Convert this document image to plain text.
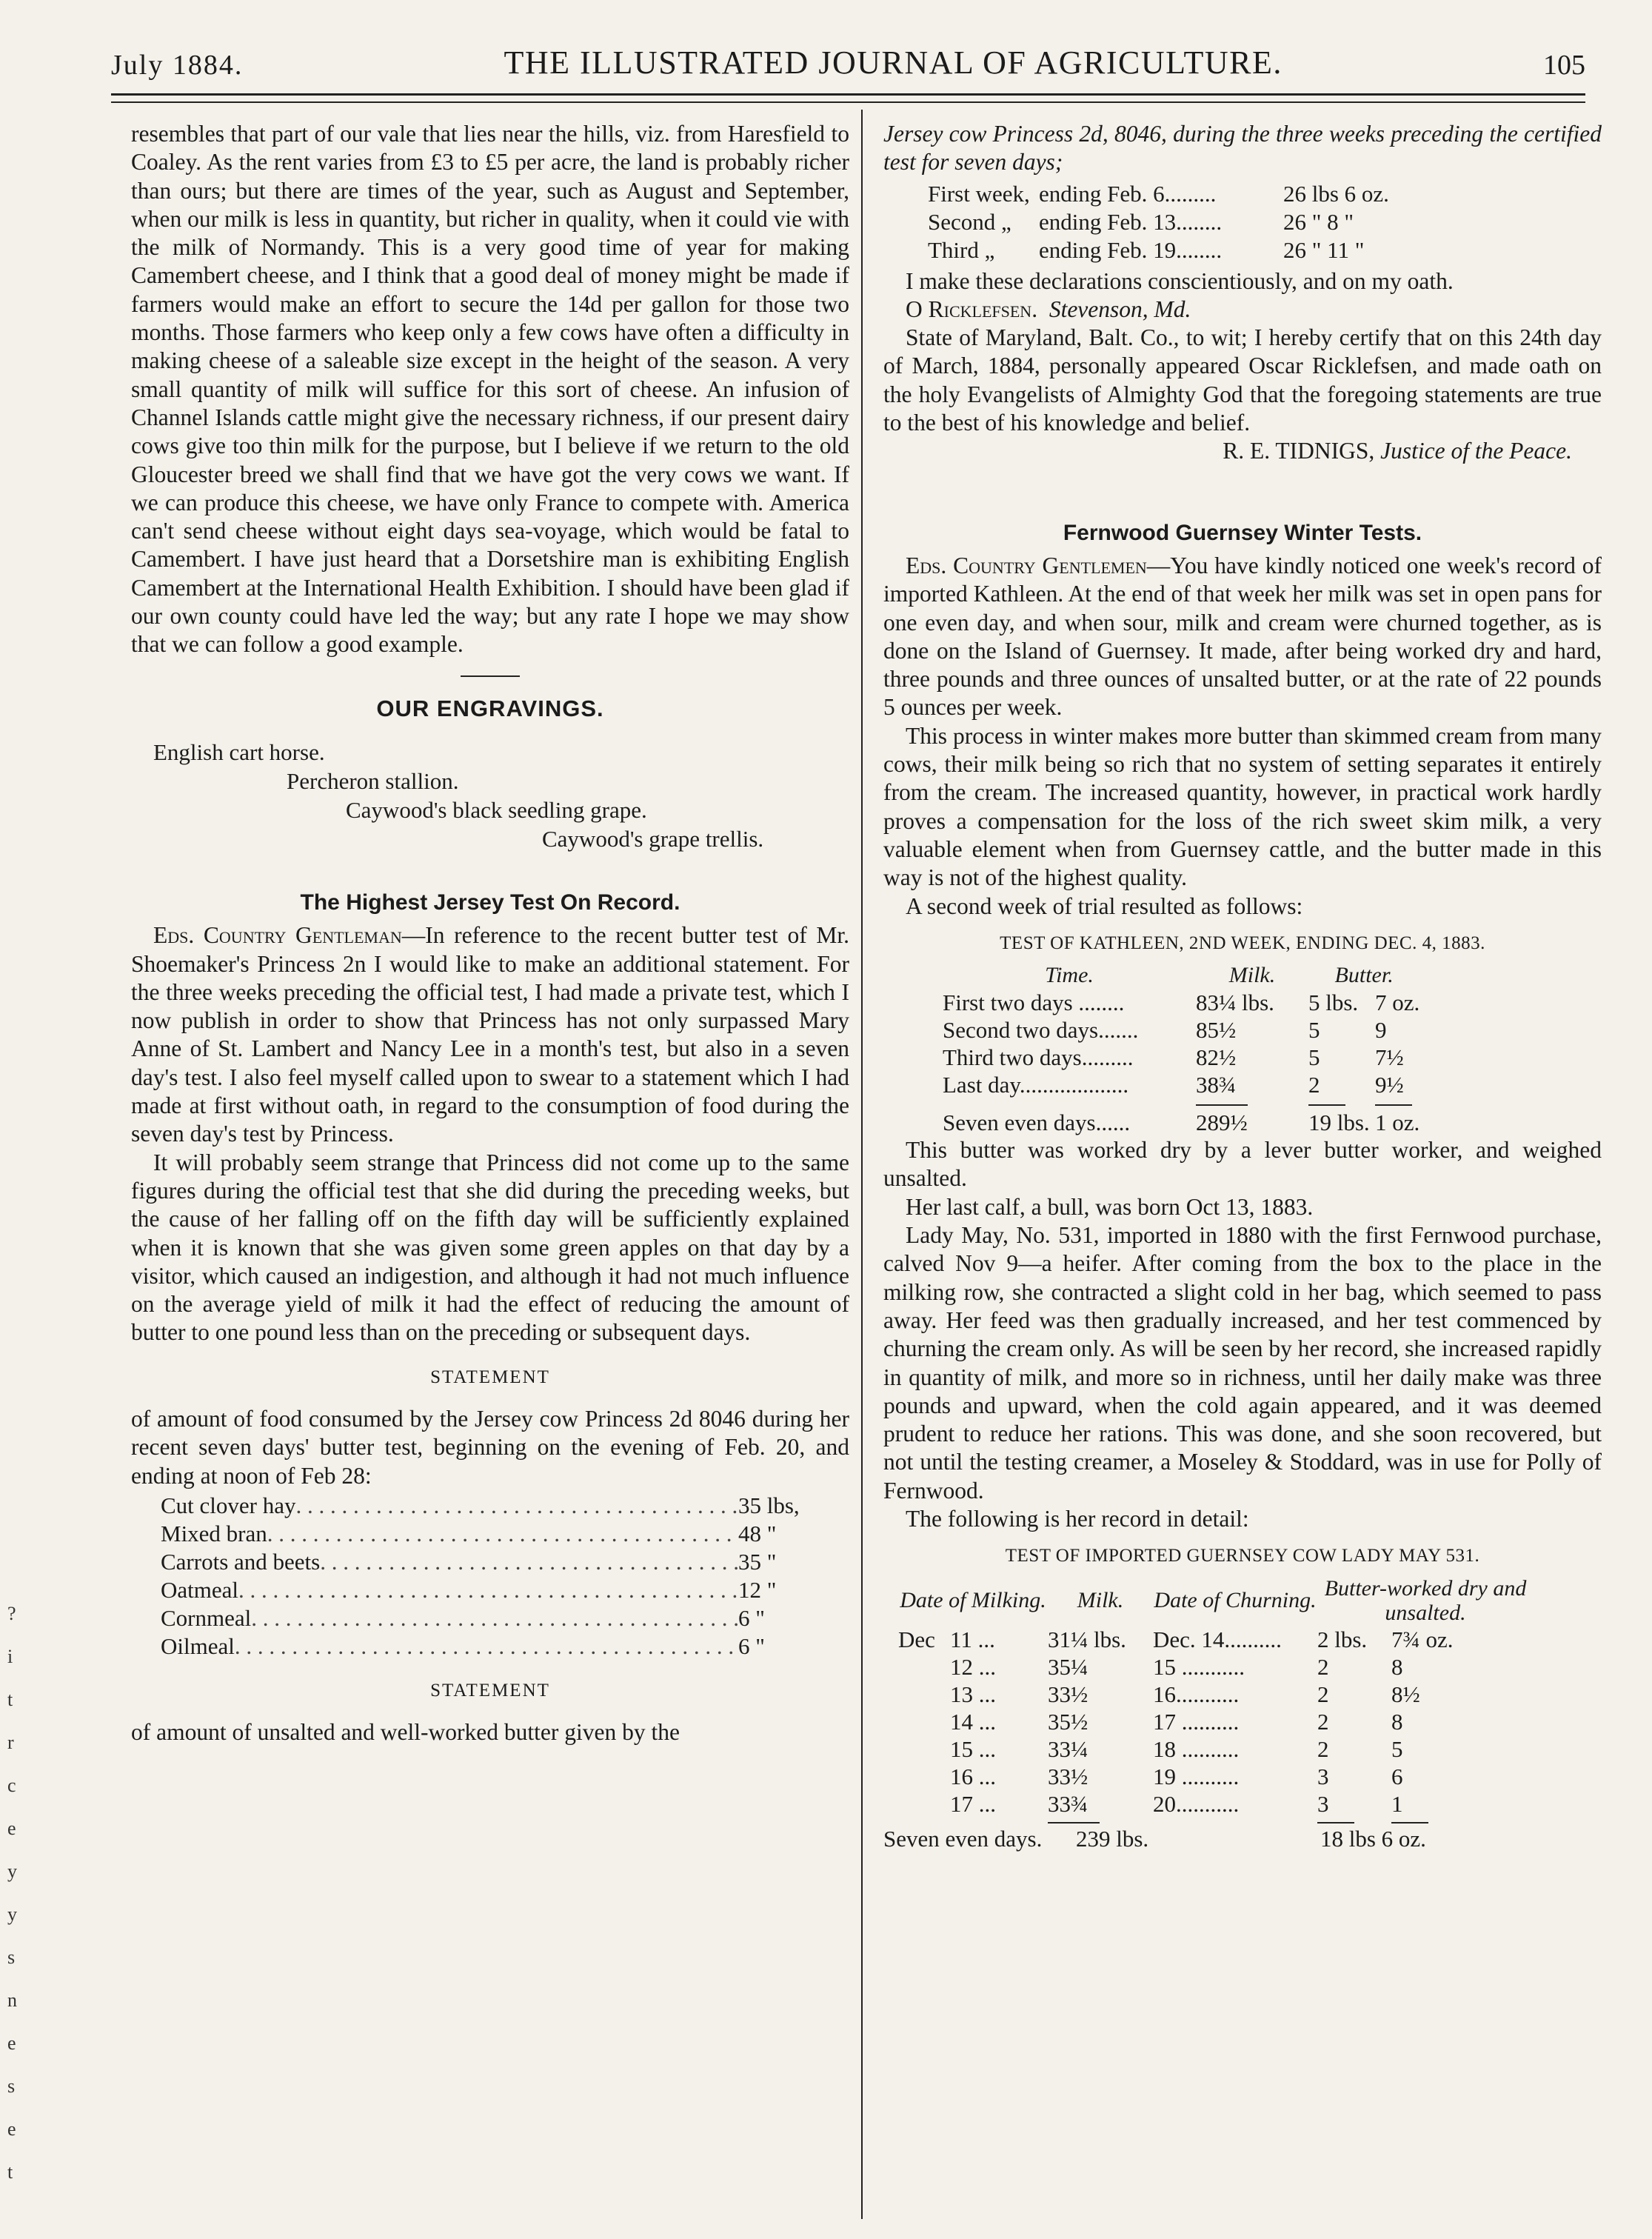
July 1884.	THE ILLUSTRATED JOURNAL OF AGRICULTURE.	105

resembles that part of our vale that lies near the hills, viz. from Haresfield to Coaley. As the rent varies from £3 to £5 per acre, the land is probably richer than ours; but there are times of the year, such as August and September, when our milk is less in quantity, but richer in quality, when it could vie with the milk of Normandy. This is a very good time of year for making Camembert cheese, and I think that a good deal of money might be made if farmers would make an effort to secure the 14d per gallon for those two months. Those farmers who keep only a few cows have often a difficulty in making cheese of a saleable size except in the height of the season. A very small quantity of milk will suffice for this sort of cheese. An infusion of Channel Islands cattle might give the necessary richness, if our present dairy cows give too thin milk for the purpose, but I believe if we return to the old Gloucester breed we shall find that we have got the very cows we want. If we can produce this cheese, we have only France to compete with. America can't send cheese without eight days sea-voyage, which would be fatal to Camembert. I have just heard that a Dorsetshire man is exhibiting English Camembert at the International Health Exhibition. I should have been glad if our own county could have led the way; but any rate I hope we may show that we can follow a good example.

OUR ENGRAVINGS.
English cart horse.
Percheron stallion.
Caywood's black seedling grape.
Caywood's grape trellis.
The Highest Jersey Test On Record.

Eds. Country Gentleman—In reference to the recent butter test of Mr. Shoemaker's Princess 2n I would like to make an additional statement. For the three weeks preceding the official test, I had made a private test, which I now publish in order to show that Princess has not only surpassed Mary Anne of St. Lambert and Nancy Lee in a month's test, but also in a seven day's test. I also feel myself called upon to swear to a statement which I had made at first without oath, in regard to the consumption of food during the seven day's test by Princess.

It will probably seem strange that Princess did not come up to the same figures during the official test that she did during the preceding weeks, but the cause of her falling off on the fifth day will be sufficiently explained when it is known that she was given some green apples on that day by a visitor, which caused an indigestion, and although it had not much influence on the average yield of milk it had the effect of reducing the amount of butter to one pound less than on the preceding or subsequent days.

STATEMENT

of amount of food consumed by the Jersey cow Princess 2d 8046 during her recent seven days' butter test, beginning on the evening of Feb. 20, and ending at noon of Feb 28:

Cut clover hay . . .	35 lbs,
Mixed bran . . .	48 "
Carrots and beets . . .	35 "
Oatmeal . . .	12 "
Cornmeal . . .	6 "
Oilmeal . . .	6 "
STATEMENT

of amount of unsalted and well-worked butter given by the

Jersey cow Princess 2d, 8046, during the three weeks preceding the certified test for seven days;

First week, ending Feb. 6.........	26 lbs 6 oz.
Second „	ending Feb. 13........	26 " 8 "
Third „	ending Feb. 19........	26 " 11 "

I make these declarations conscientiously, and on my oath.

O Ricklefsen. Stevenson, Md.

State of Maryland, Balt. Co., to wit; I hereby certify that on this 24th day of March, 1884, personally appeared Oscar Ricklefsen, and made oath on the holy Evangelists of Almighty God that the foregoing statements are true to the best of his knowledge and belief.

R. E. TIDNIGS, Justice of the Peace.

Fernwood Guernsey Winter Tests.

Eds. Country Gentlemen—You have kindly noticed one week's record of imported Kathleen. At the end of that week her milk was set in open pans for one even day, and when sour, milk and cream were churned together, as is done on the Island of Guernsey. It made, after being worked dry and hard, three pounds and three ounces of unsalted butter, or at the rate of 22 pounds 5 ounces per week.

This process in winter makes more butter than skimmed cream from many cows, their milk being so rich that no system of setting separates it entirely from the cream. The increased quantity, however, in practical work hardly proves a compensation for the loss of the rich sweet skim milk, a very valuable element when from Guernsey cattle, and the butter made in this way is not of the highest quality.

A second week of trial resulted as follows:

TEST OF KATHLEEN, 2ND WEEK, ENDING DEC. 4, 1883.
Time.	Milk.	Butter.	
First two days ........	83¼ lbs.	5 lbs.	7 oz.
Second two days.......	85½	5	9
Third two days.........	82½	5	7½
Last day...................	38¾	2	9½

Seven even days......	289½	19 lbs.	1 oz.

This butter was worked dry by a lever butter worker, and weighed unsalted.

Her last calf, a bull, was born Oct 13, 1883.

Lady May, No. 531, imported in 1880 with the first Fernwood purchase, calved Nov 9—a heifer. After coming from the box to the place in the milking row, she contracted a slight cold in her bag, which seemed to pass away. Her feed was then gradually increased, and her test commenced by churning the cream only. As will be seen by her record, she increased rapidly in quantity of milk, and more so in richness, until her daily make was three pounds and upward, when the cold again appeared, and it was deemed prudent to reduce her rations. This was done, and she soon recovered, but not until the testing creamer, a Moseley & Stoddard, was in use for Polly of Fernwood.

The following is her record in detail:

TEST OF IMPORTED GUERNSEY COW LADY MAY 531.
Date of Milking.		Milk.	Date of Churning.	Butter-worked dry and unsalted.	
Dec	11 ...	31¼ lbs.	Dec. 14..........	2 lbs.	7¾ oz.
	12 ...	35¼	15 ...........	2	8
	13 ...	33½	16...........	2	8½
	14 ...	35½	17 ..........	2	8
	15 ...	33¼	18 ..........	2	5
	16 ...	33½	19 ..........	3	6
	17 ...	33¾	20...........	3	1

Seven even days.	239 lbs.	18 lbs 6 oz.
?
i
t
r
c
e
y
y
s
n
e
s
e
t
